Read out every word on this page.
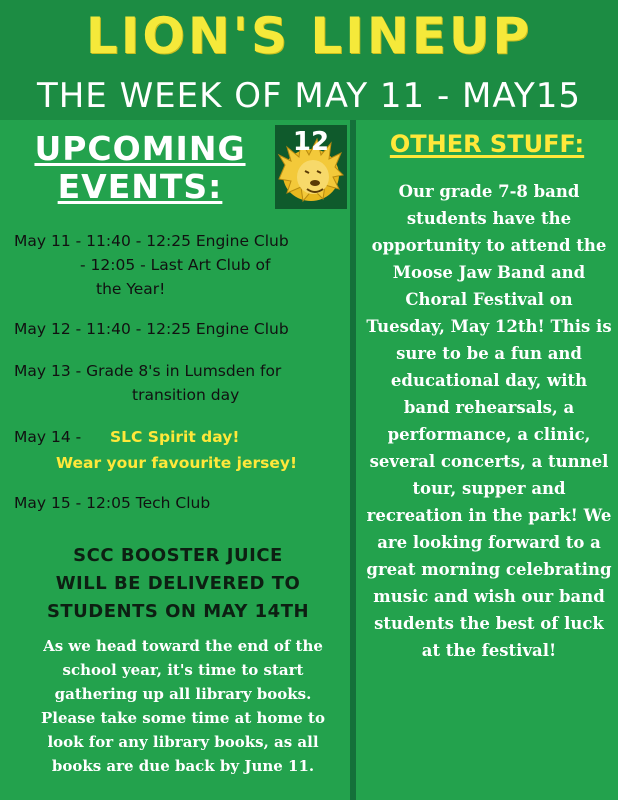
LION'S LINEUP
THE WEEK OF MAY 11 - MAY15
UPCOMING
EVENTS:
12
May 11 - 11:40 - 12:25 Engine Club
- 12:05 - Last Art Club of
the Year!
May 12 - 11:40 - 12:25 Engine Club
May 13 - Grade 8's in Lumsden for
transition day
May 14 - SLC Spirit day!
Wear your favourite jersey!
May 15 - 12:05 Tech Club
SCC BOOSTER JUICE
WILL BE DELIVERED TO
STUDENTS ON MAY 14TH
As we head toward the end of the school year, it's time to start gathering up all library books. Please take some time at home to look for any library books, as all books are due back by June 11.
OTHER STUFF:
Our grade 7-8 band students have the opportunity to attend the Moose Jaw Band and Choral Festival on Tuesday, May 12th! This is sure to be a fun and educational day, with band rehearsals, a performance, a clinic, several concerts, a tunnel tour, supper and recreation in the park! We are looking forward to a great morning celebrating music and wish our band students the best of luck at the festival!
